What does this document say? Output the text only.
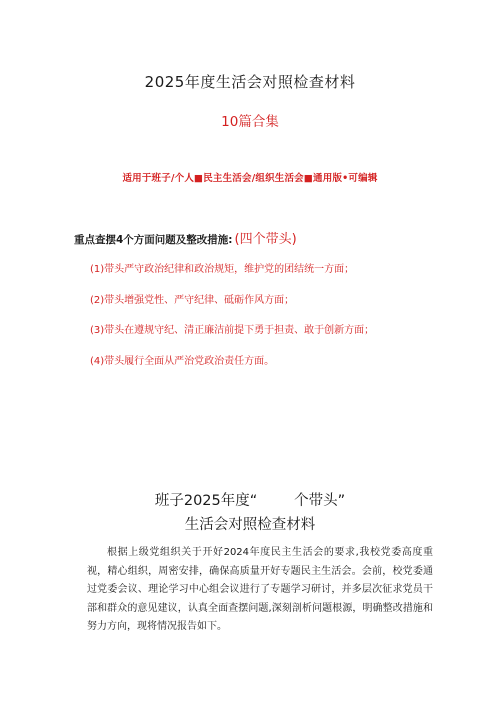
2025年度生活会对照检查材料
10篇合集
适用于班子/个人■民主生活会/组织生活会■通用版•可编辑
重点查摆4个方面问题及整改措施: (四个带头)
(1)带头严守政治纪律和政治规矩，维护党的团结统一方面；
(2)带头增强党性、严守纪律、砥砺作风方面；
(3)带头在遵规守纪、清正廉洁前提下勇于担责、敢于创新方面；
(4)带头履行全面从严治党政治责任方面。
班子2025年度“        个带头”
生活会对照检查材料

根据上级党组织关于开好2024年度民主生活会的要求,我校党委高度重视，精心组织，周密安排，确保高质量开好专题民主生活会。会前，校党委通过党委会议、理论学习中心组会议进行了专题学习研讨，并多层次征求党员干部和群众的意见建议，认真全面查摆问题,深刻剖析问题根源，明确整改措施和努力方向，现将情况报告如下。
